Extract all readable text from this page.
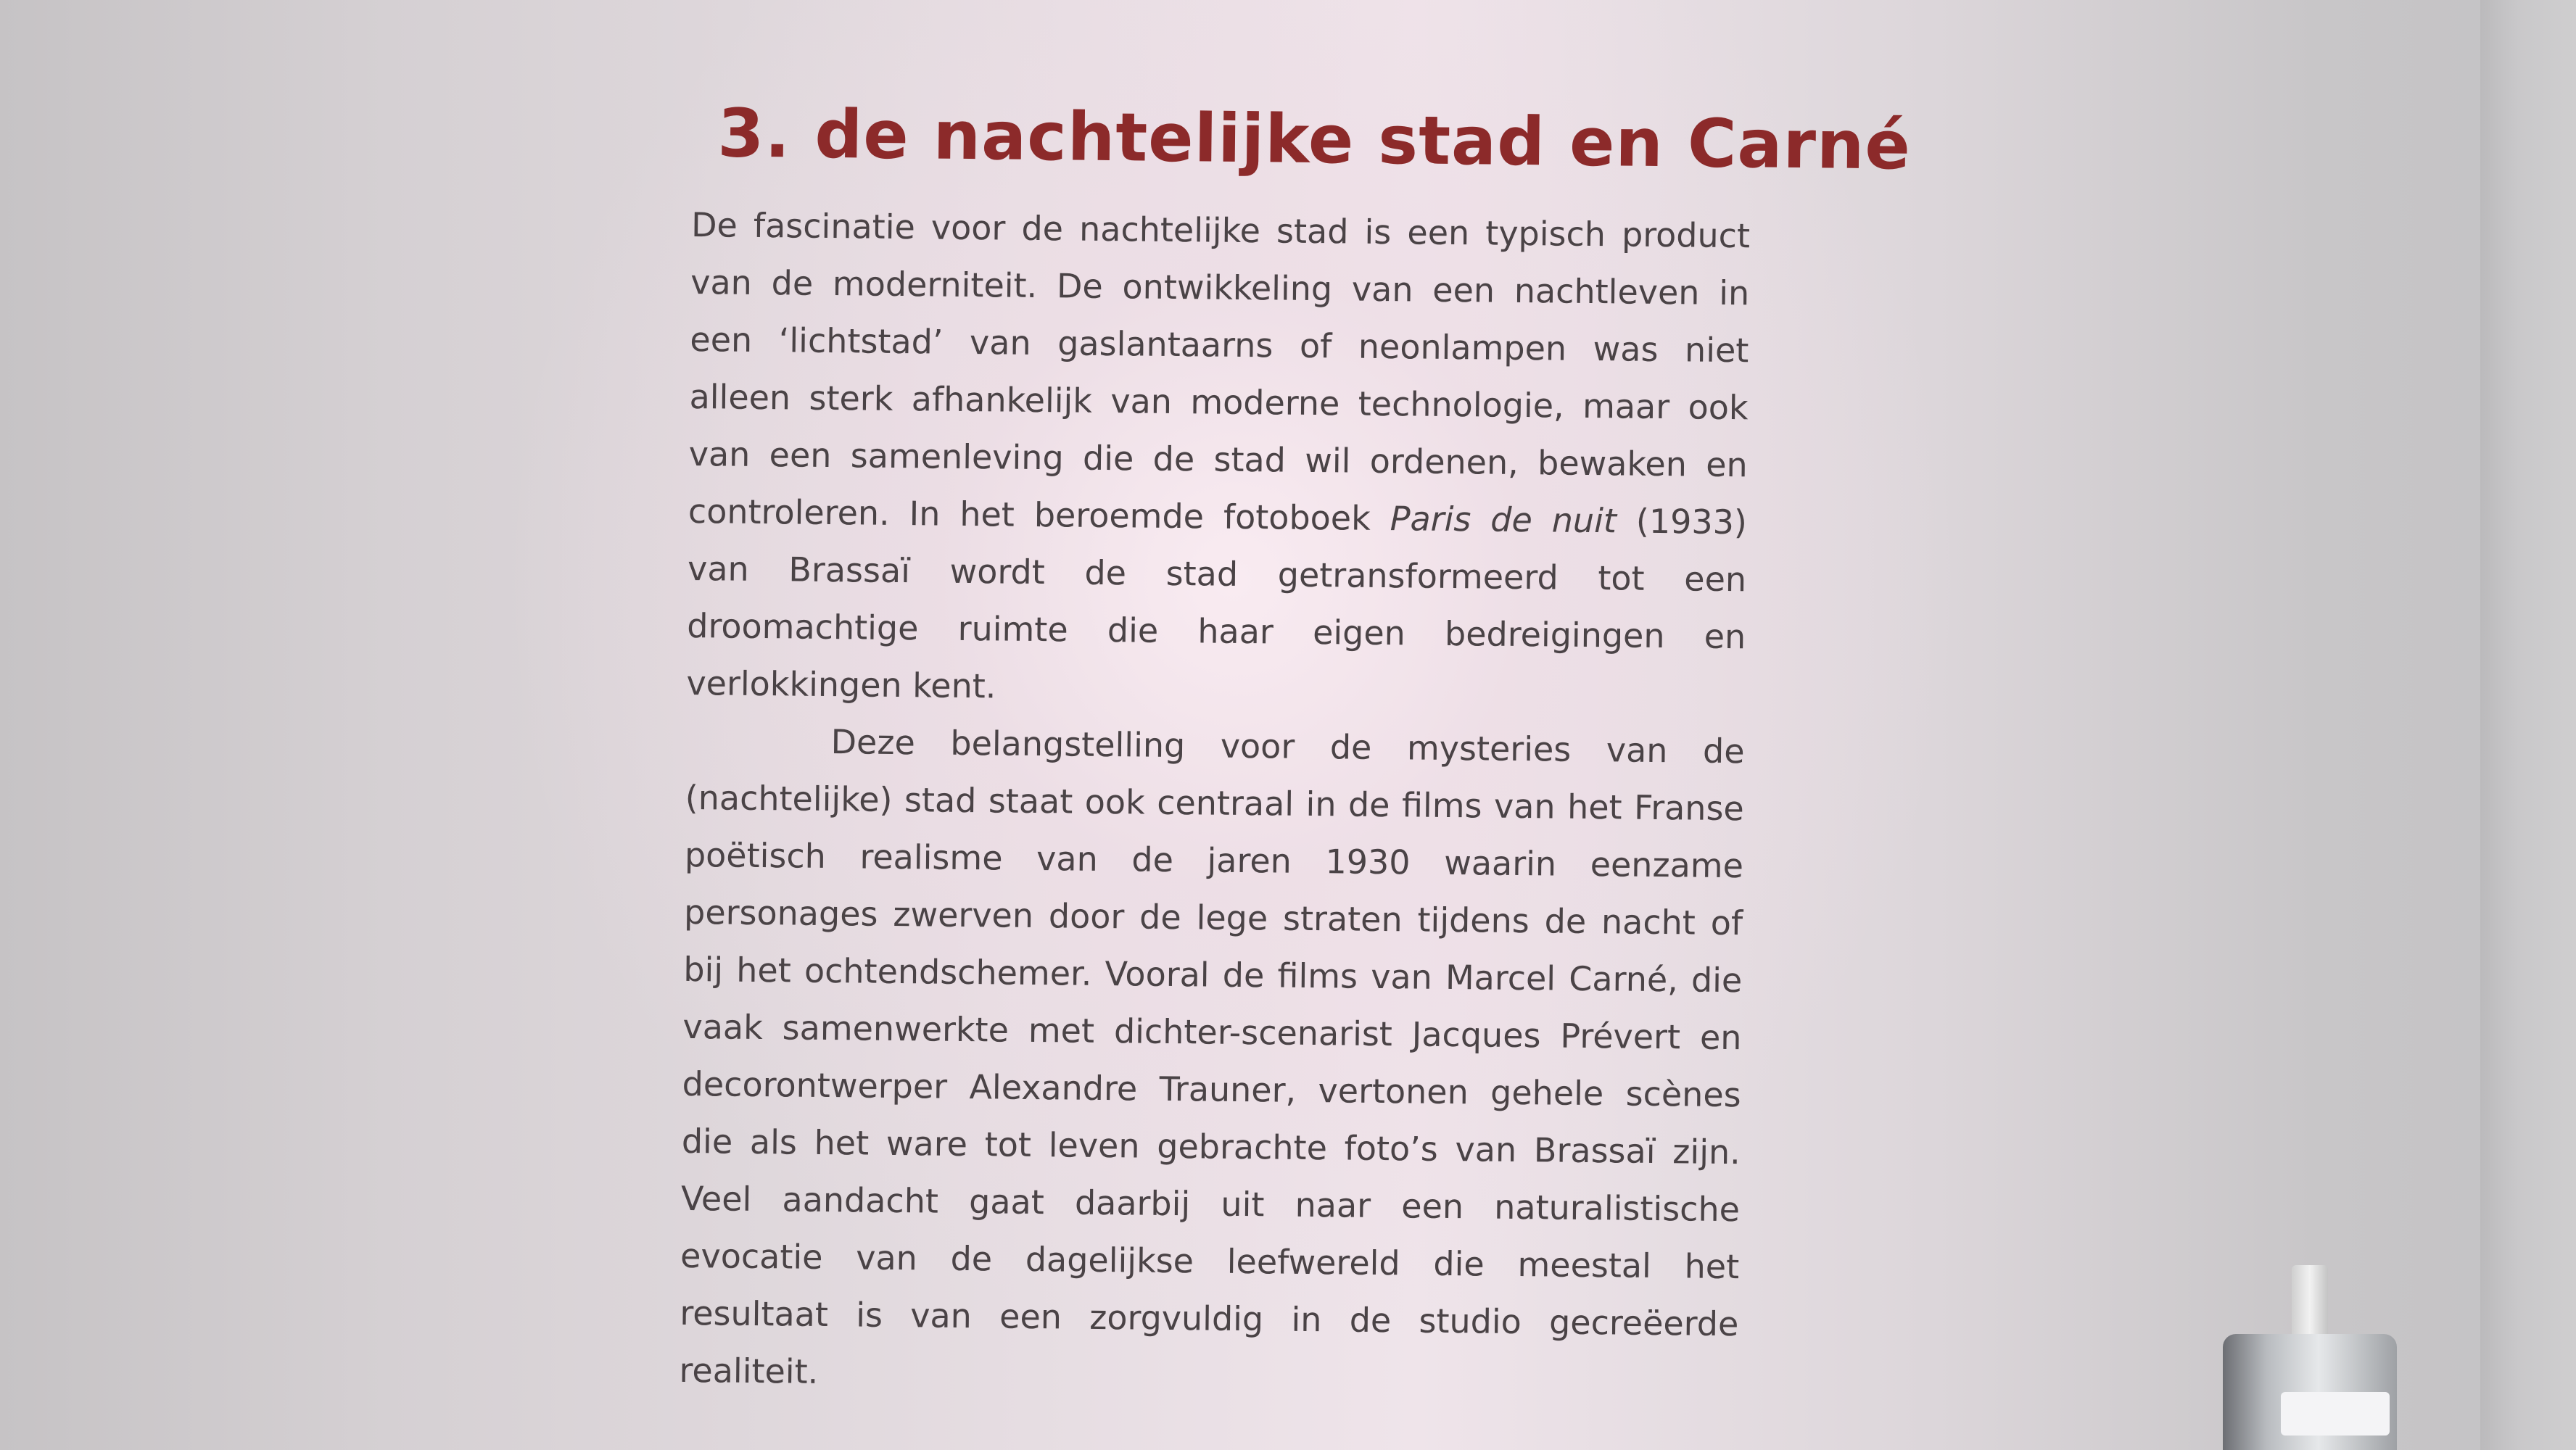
3. de nachtelijke stad en Carné

De fascinatie voor de nachtelijke stad is een typisch product van de moderniteit. De ontwikkeling van een nachtleven in een ‘lichtstad’ van gaslantaarns of neonlampen was niet alleen sterk afhankelijk van moderne technologie, maar ook van een samenleving die de stad wil ordenen, bewaken en controleren. In het beroemde fotoboek Paris de nuit (1933) van Brassaï wordt de stad getransformeerd tot een droomachtige ruimte die haar eigen bedreigingen en verlokkingen kent.

Deze belangstelling voor de mysteries van de (nachtelijke) stad staat ook centraal in de films van het Franse poëtisch realisme van de jaren 1930 waarin eenzame personages zwerven door de lege straten tijdens de nacht of bij het ochtendschemer. Vooral de films van Marcel Carné, die vaak samenwerkte met dichter-scenarist Jacques Prévert en decorontwerper Alexandre Trauner, vertonen gehele scènes die als het ware tot leven gebrachte foto’s van Brassaï zijn. Veel aandacht gaat daarbij uit naar een naturalistische evocatie van de dagelijkse leefwereld die meestal het resultaat is van een zorgvuldig in de studio gecreëerde realiteit.
